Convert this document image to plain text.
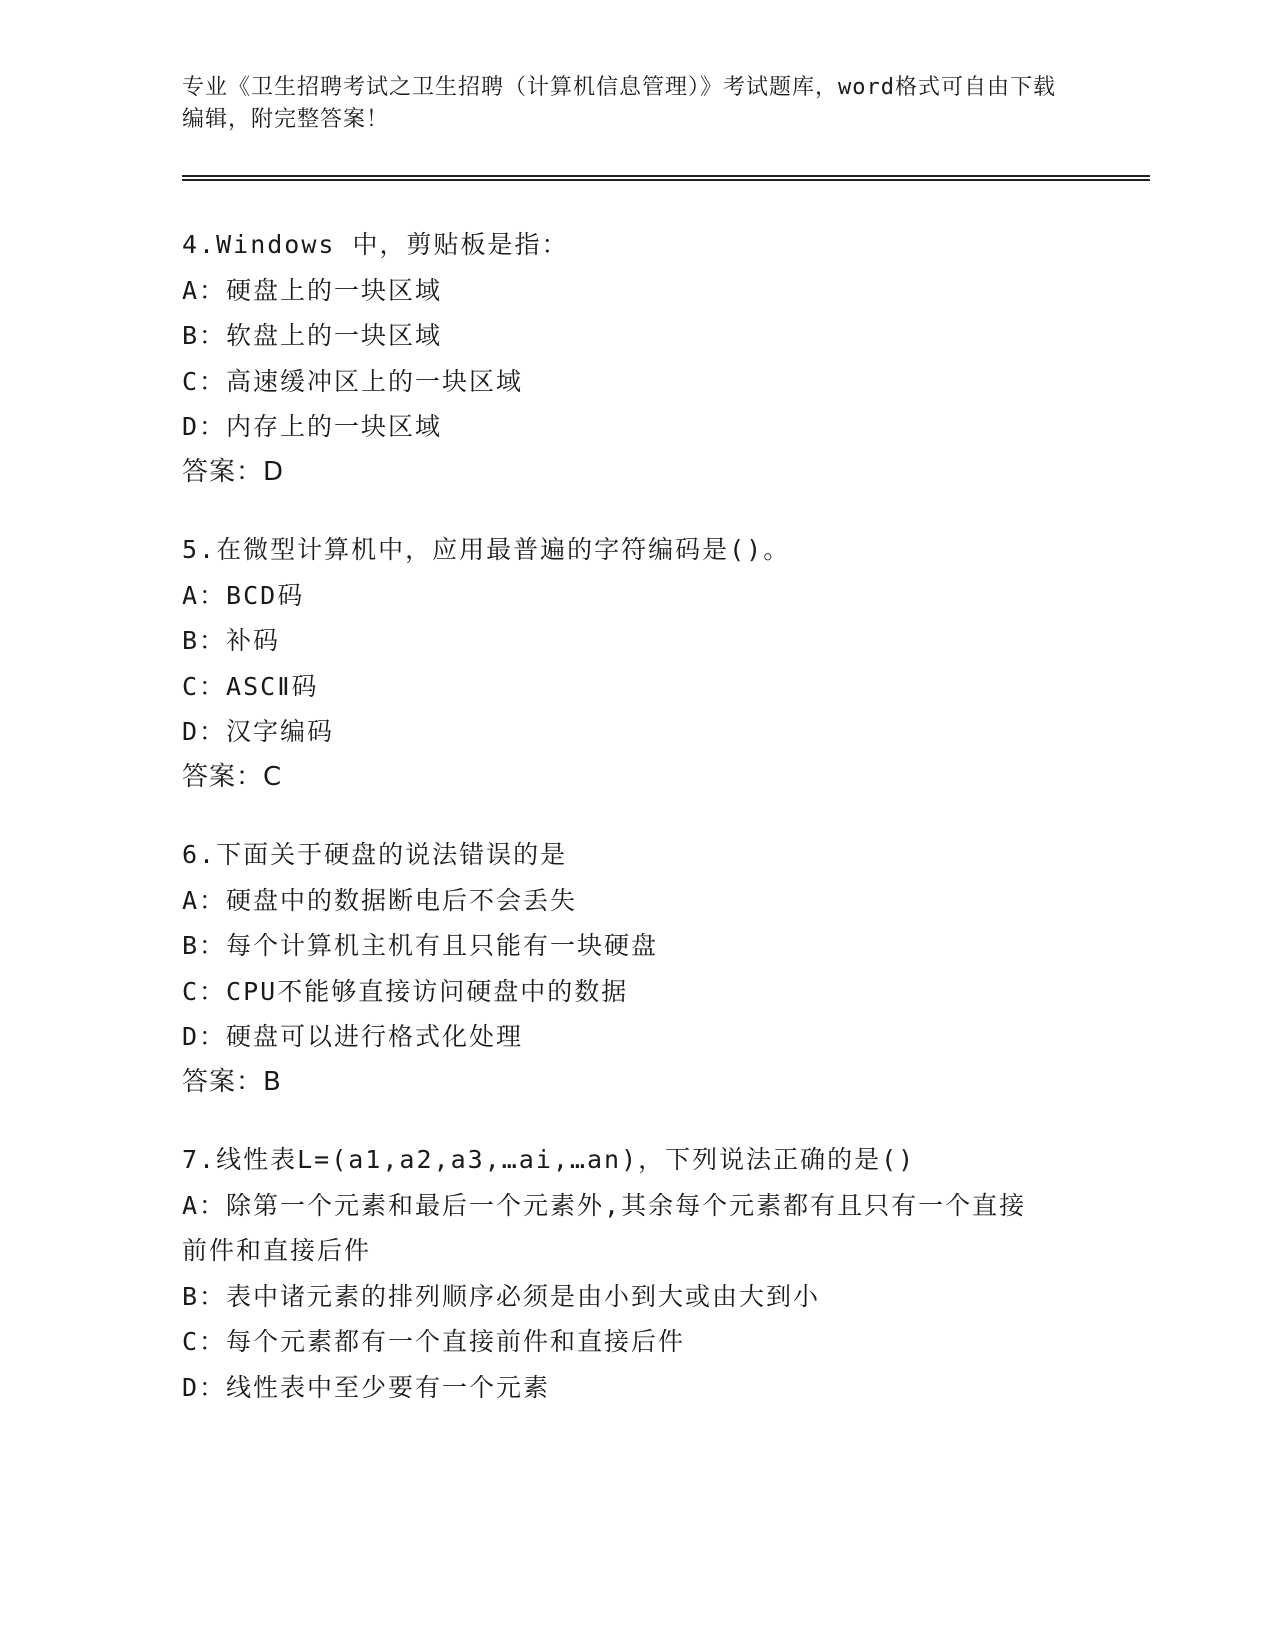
专业《卫生招聘考试之卫生招聘（计算机信息管理）》考试题库，word格式可自由下载编辑，附完整答案！
4.Windows 中，剪贴板是指：
A：硬盘上的一块区域
B：软盘上的一块区域
C：高速缓冲区上的一块区域
D：内存上的一块区域
答案：D
5.在微型计算机中，应用最普遍的字符编码是()。
A：BCD码
B：补码
C：ASCⅡ码
D：汉字编码
答案：C
6.下面关于硬盘的说法错误的是
A：硬盘中的数据断电后不会丢失
B：每个计算机主机有且只能有一块硬盘
C：CPU不能够直接访问硬盘中的数据
D：硬盘可以进行格式化处理
答案：B
7.线性表L=(a1,a2,a3,…ai,…an)，下列说法正确的是()
A：除第一个元素和最后一个元素外,其余每个元素都有且只有一个直接前件和直接后件
B：表中诸元素的排列顺序必须是由小到大或由大到小
C：每个元素都有一个直接前件和直接后件
D：线性表中至少要有一个元素
